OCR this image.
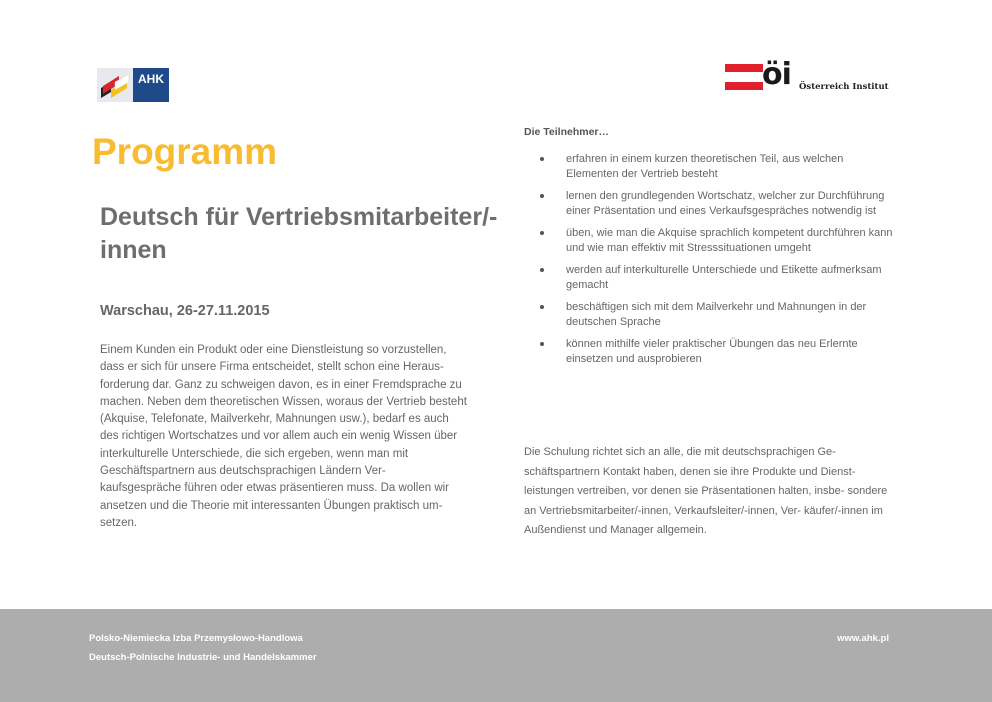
AHK	öi Österreich Institut
Programm
Deutsch für Vertriebsmitarbeiter/-innen

Warschau, 26-27.11.2015

Einem Kunden ein Produkt oder eine Dienstleistung so vorzustellen, dass er sich für unsere Firma entscheidet, stellt schon eine Heraus- forderung dar. Ganz zu schweigen davon, es in einer Fremdsprache zu machen. Neben dem theoretischen Wissen, woraus der Vertrieb besteht (Akquise, Telefonate, Mailverkehr, Mahnungen usw.), bedarf es auch des richtigen Wortschatzes und vor allem auch ein wenig Wissen über interkulturelle Unterschiede, die sich ergeben, wenn man mit Geschäftspartnern aus deutschsprachigen Ländern Ver- kaufsgespräche führen oder etwas präsentieren muss. Da wollen wir ansetzen und die Theorie mit interessanten Übungen praktisch um- setzen.

Die Teilnehmer…

erfahren in einem kurzen theoretischen Teil, aus welchen Elementen der Vertrieb besteht
lernen den grundlegenden Wortschatz, welcher zur Durchführung einer Präsentation und eines Verkaufsgespräches notwendig ist
üben, wie man die Akquise sprachlich kompetent durchführen kann und wie man effektiv mit Stresssituationen umgeht
werden auf interkulturelle Unterschiede und Etikette aufmerksam gemacht
beschäftigen sich mit dem Mailverkehr und Mahnungen in der deutschen Sprache
können mithilfe vieler praktischer Übungen das neu Erlernte einsetzen und ausprobieren

Die Schulung richtet sich an alle, die mit deutschsprachigen Ge- schäftspartnern Kontakt haben, denen sie ihre Produkte und Dienst- leistungen vertreiben, vor denen sie Präsentationen halten, insbe- sondere an Vertriebsmitarbeiter/-innen, Verkaufsleiter/-innen, Ver- käufer/-innen im Außendienst und Manager allgemein.

Polsko-Niemiecka Izba Przemysłowo-Handlowa

Deutsch-Polnische Industrie- und Handelskammer

www.ahk.pl
